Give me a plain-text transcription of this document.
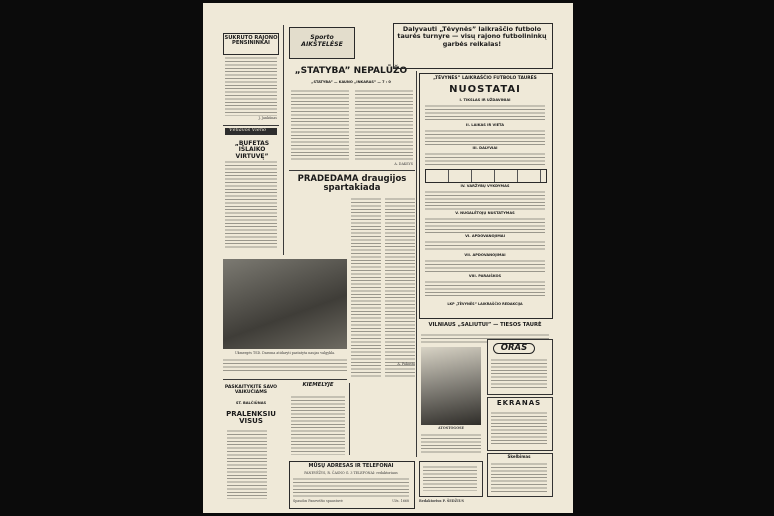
SUKRUTO RAJONO PENSININKAI
J. Jankūnas
Vėliavos Vieno
„BUFETAS IŠLAIKO VIRTUVĘ”
Ukmergės TSD. Daroma atidaryti pastatyta naujas valgykla.
PASKAITYKITE SAVO VAIKUČIAMS
ST. BALČIŪNAS
PRALENKSIU VISUS
Sporto AIKŠTELĖSE
„STATYBA” NEPALŪŽO
„STATYBA” — KAUNO „INKARAS” — 7 : 0
A. DAKSYS
PRADEDAMA draugijos spartakiada
A. Pakusta
KIEMELYJE
Dalyvauti „Tėvynės” laikraščio futbolo taurės turnyre — visų rajono futbolininkų garbės reikalas!
„TĖVYNĖS” LAIKRAŠČIO FUTBOLO TAURĖS
NUOSTATAI
I. TIKSLAS IR UŽDAVINIAI
II. LAIKAS IR VIETA
III. DALYVIAI
IV. VARŽYBŲ VYKDYMAS
V. NUGALĖTOJŲ NUSTATYMAS
VI. APDOVANOJIMAI
VII. APDOVANOJIMAI
VIII. PARAIŠKOS
LKP „TĖVYNĖS” LAIKRAŠČIO REDAKCIJA
VILNIAUS „SALIUTUI” — TIESOS TAURĖ
ATOSTOGOSE
ORAS
EKRANAS
Skelbimas
MŪSŲ ADRESAS IR TELEFONAI
PANEVĖŽYS, R. ČASNO G. 3 TELEFONAI: redaktoriaus
Spaudos Panevėžio spaustuvė	Užs. 1668	Redaktorius P. ŠEDŽIUS
